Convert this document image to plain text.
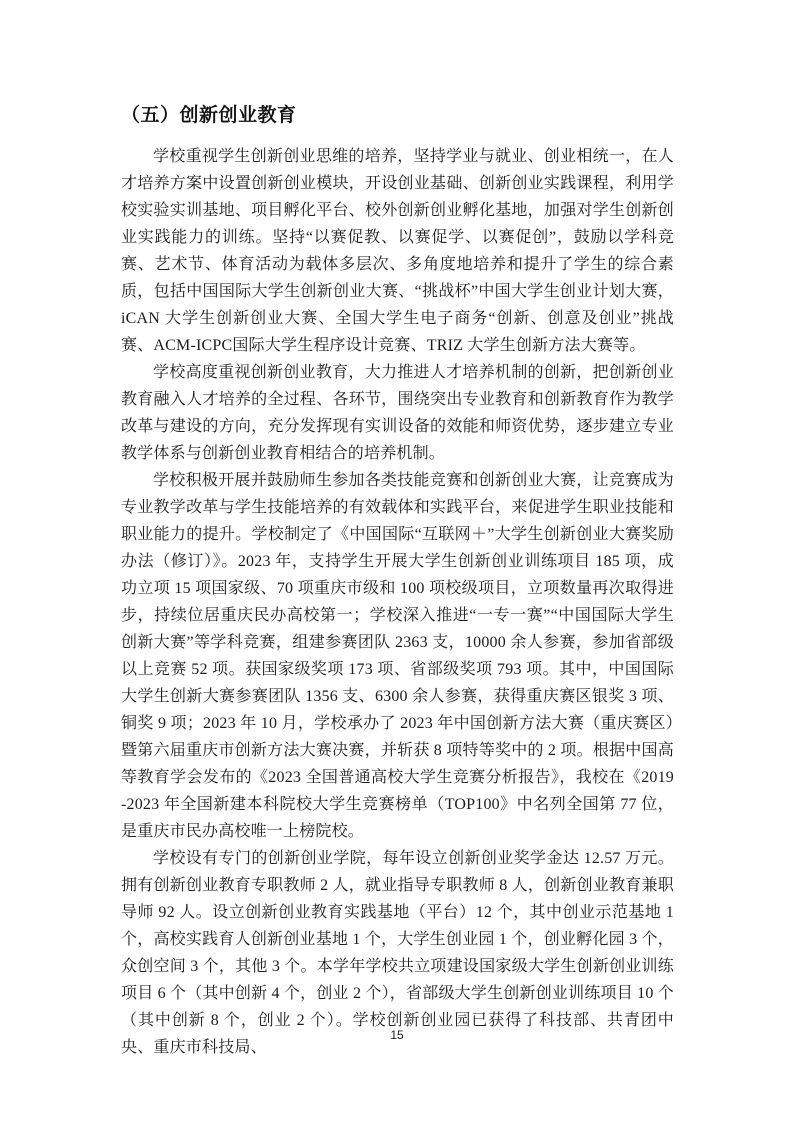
（五）创新创业教育

学校重视学生创新创业思维的培养，坚持学业与就业、创业相统一，在人才培养方案中设置创新创业模块，开设创业基础、创新创业实践课程，利用学校实验实训基地、项目孵化平台、校外创新创业孵化基地，加强对学生创新创业实践能力的训练。坚持“以赛促教、以赛促学、以赛促创”，鼓励以学科竞赛、艺术节、体育活动为载体多层次、多角度地培养和提升了学生的综合素质，包括中国国际大学生创新创业大赛、“挑战杯”中国大学生创业计划大赛，iCAN 大学生创新创业大赛、全国大学生电子商务“创新、创意及创业”挑战赛、ACM-ICPC国际大学生程序设计竞赛、TRIZ 大学生创新方法大赛等。

学校高度重视创新创业教育，大力推进人才培养机制的创新，把创新创业教育融入人才培养的全过程、各环节，围绕突出专业教育和创新教育作为教学改革与建设的方向，充分发挥现有实训设备的效能和师资优势，逐步建立专业教学体系与创新创业教育相结合的培养机制。

学校积极开展并鼓励师生参加各类技能竞赛和创新创业大赛，让竞赛成为专业教学改革与学生技能培养的有效载体和实践平台，来促进学生职业技能和职业能力的提升。学校制定了《中国国际“互联网＋”大学生创新创业大赛奖励办法（修订）》。2023 年，支持学生开展大学生创新创业训练项目 185 项，成功立项 15 项国家级、70 项重庆市级和 100 项校级项目，立项数量再次取得进步，持续位居重庆民办高校第一；学校深入推进“一专一赛”“中国国际大学生创新大赛”等学科竞赛，组建参赛团队 2363 支，10000 余人参赛，参加省部级以上竞赛 52 项。获国家级奖项 173 项、省部级奖项 793 项。其中，中国国际大学生创新大赛参赛团队 1356 支、6300 余人参赛，获得重庆赛区银奖 3 项、铜奖 9 项；2023 年 10 月，学校承办了 2023 年中国创新方法大赛（重庆赛区）暨第六届重庆市创新方法大赛决赛，并斩获 8 项特等奖中的 2 项。根据中国高等教育学会发布的《2023 全国普通高校大学生竞赛分析报告》，我校在《2019-2023 年全国新建本科院校大学生竞赛榜单（TOP100》中名列全国第 77 位，是重庆市民办高校唯一上榜院校。

学校设有专门的创新创业学院，每年设立创新创业奖学金达 12.57 万元。拥有创新创业教育专职教师 2 人，就业指导专职教师 8 人，创新创业教育兼职导师 92 人。设立创新创业教育实践基地（平台）12 个，其中创业示范基地 1 个，高校实践育人创新创业基地 1 个，大学生创业园 1 个，创业孵化园 3 个，众创空间 3 个，其他 3 个。本学年学校共立项建设国家级大学生创新创业训练项目 6 个（其中创新 4 个，创业 2 个），省部级大学生创新创业训练项目 10 个（其中创新 8 个，创业 2 个）。学校创新创业园已获得了科技部、共青团中央、重庆市科技局、

15
